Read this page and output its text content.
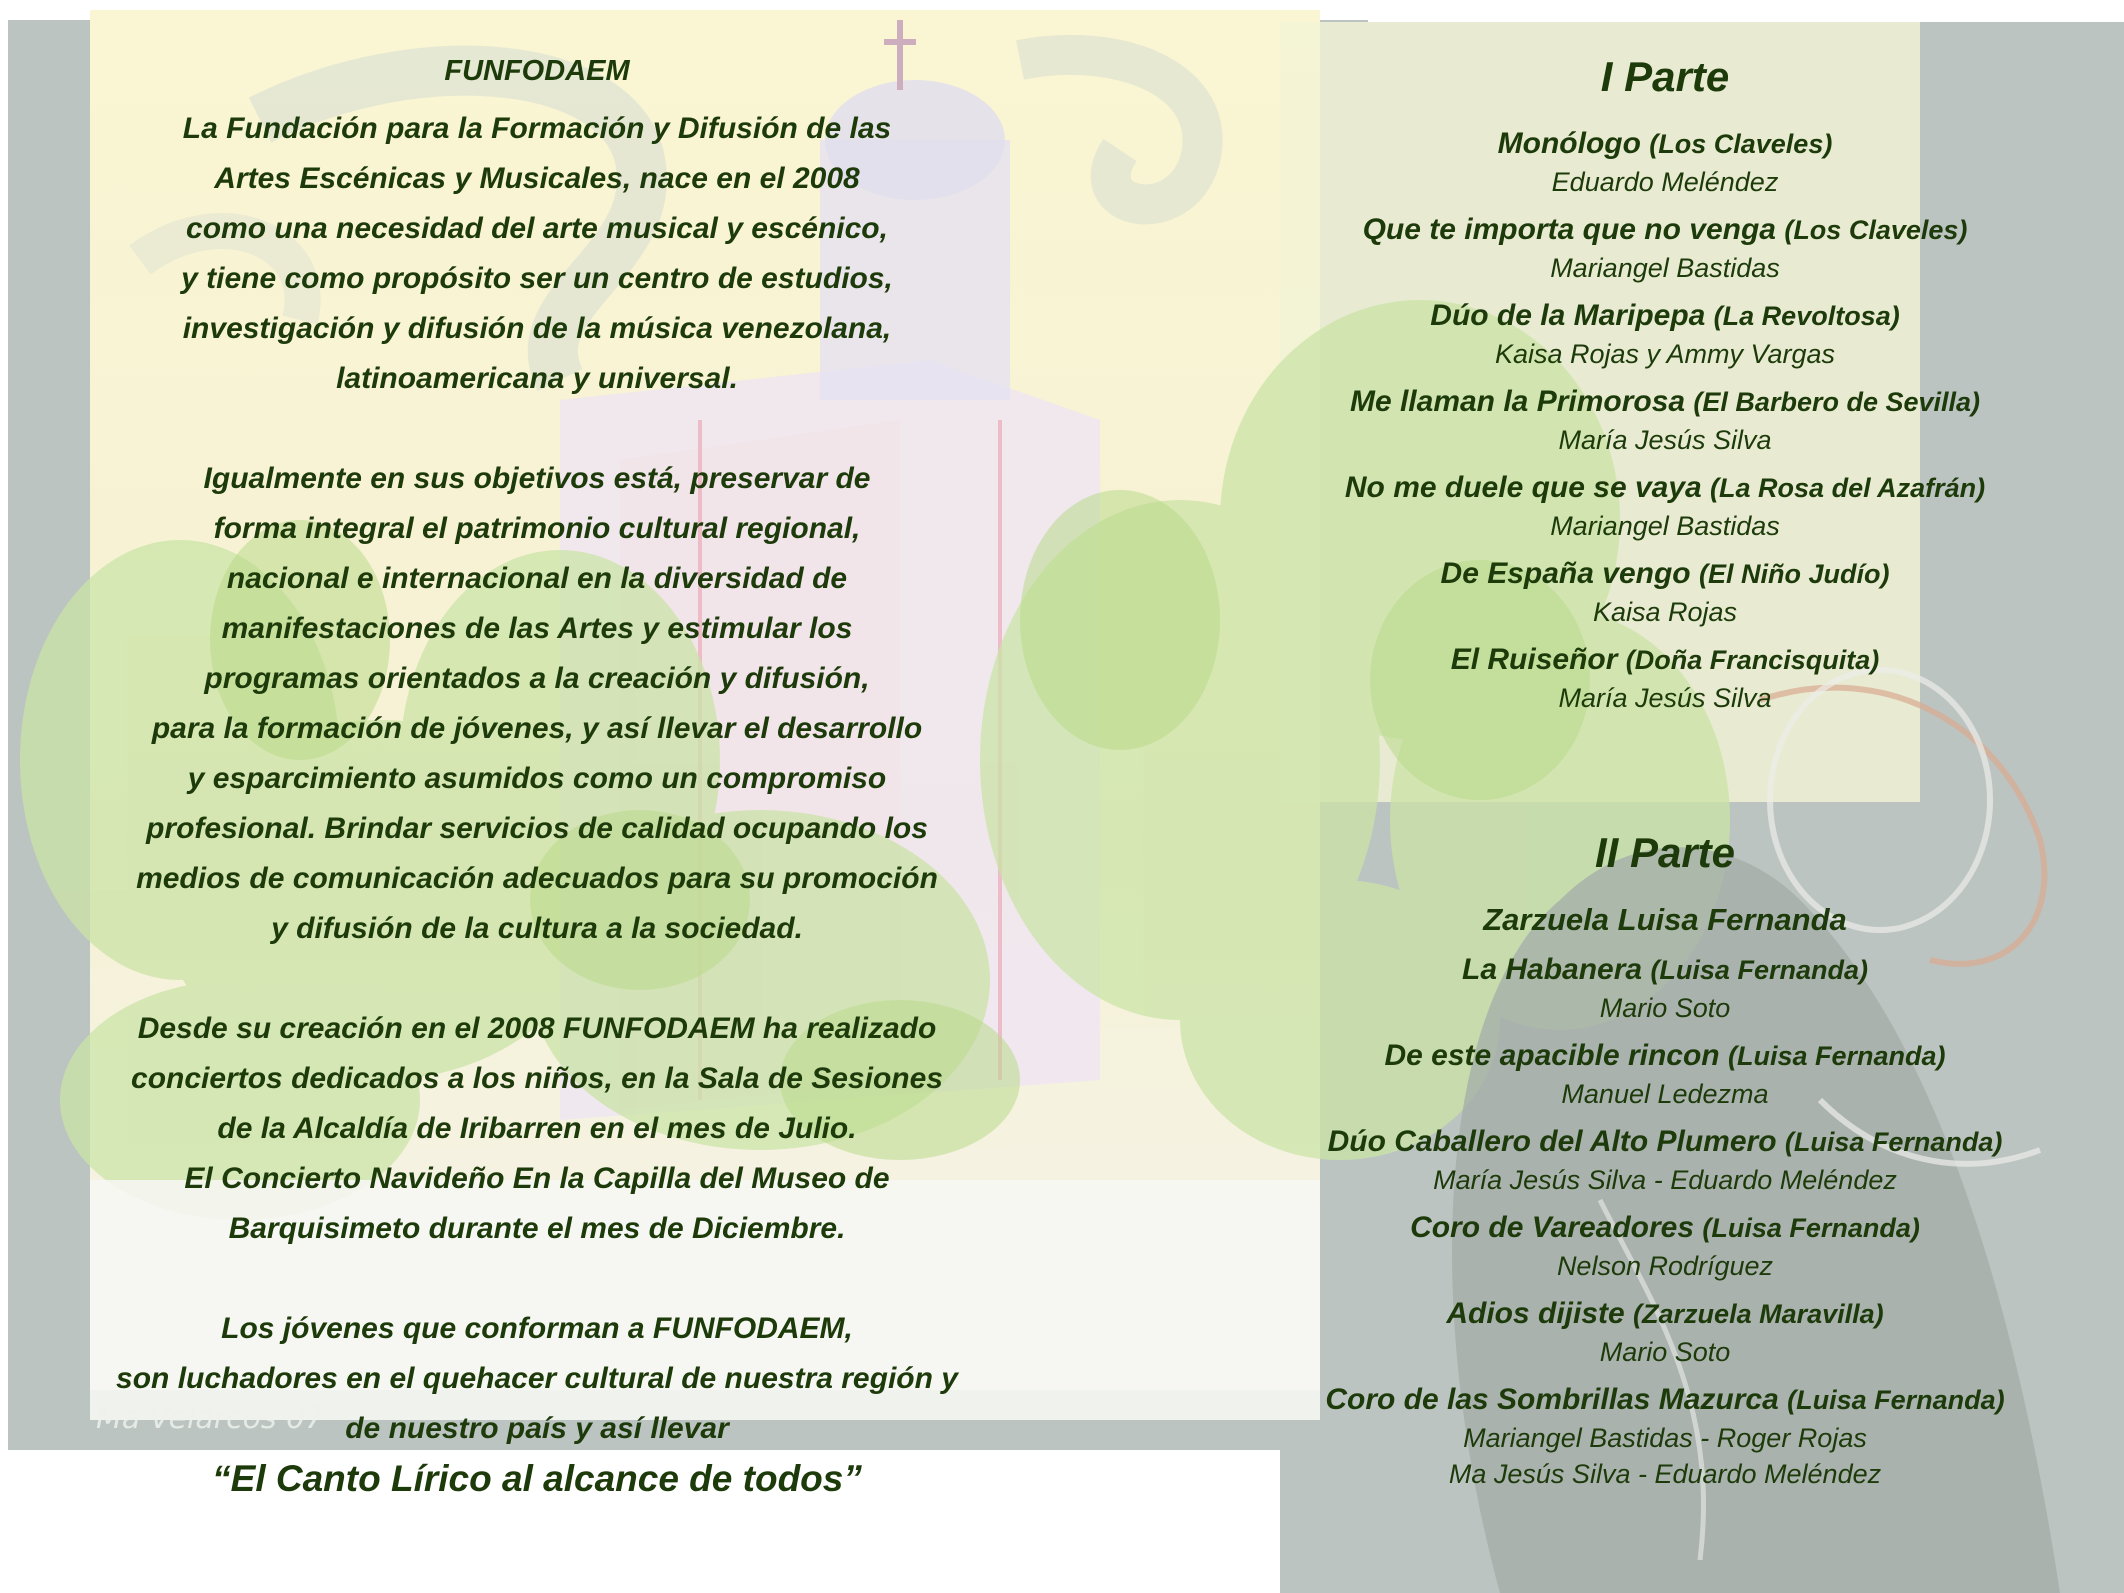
Ma Velarcos 07

FUNFODAEM

La Fundación para la Formación y Difusión de las

Artes Escénicas y Musicales, nace en el 2008

como una necesidad del arte musical y escénico,

y tiene como propósito ser un centro de estudios,

investigación y difusión de la música venezolana,

latinoamericana y universal.

Igualmente en sus objetivos está, preservar de

forma integral el patrimonio cultural regional,

nacional e internacional en la diversidad de

manifestaciones de las Artes y estimular los

programas orientados a la creación y difusión,

para la formación de jóvenes, y así llevar el desarrollo

y esparcimiento asumidos como un compromiso

profesional. Brindar servicios de calidad ocupando los

medios de comunicación adecuados para su promoción

y difusión de la cultura a la sociedad.

Desde su creación en el 2008 FUNFODAEM ha realizado

conciertos dedicados a los niños, en la Sala de Sesiones

de la Alcaldía de Iribarren en el mes de Julio.

El Concierto Navideño En la Capilla del Museo de

Barquisimeto durante el mes de Diciembre.

Los jóvenes que conforman a FUNFODAEM,

son luchadores en el quehacer cultural de nuestra región y

de nuestro país y así llevar

“El Canto Lírico al alcance de todos”

I Parte

Monólogo (Los Claveles)
Eduardo Meléndez
Que te importa que no venga (Los Claveles)
Mariangel Bastidas
Dúo de la Maripepa (La Revoltosa)
Kaisa Rojas y Ammy Vargas
Me llaman la Primorosa (El Barbero de Sevilla)
María Jesús Silva
No me duele que se vaya (La Rosa del Azafrán)
Mariangel Bastidas
De España vengo (El Niño Judío)
Kaisa Rojas
El Ruiseñor (Doña Francisquita)
María Jesús Silva

II Parte

Zarzuela Luisa Fernanda
La Habanera (Luisa Fernanda)
Mario Soto
De este apacible rincon (Luisa Fernanda)
Manuel Ledezma
Dúo Caballero del Alto Plumero (Luisa Fernanda)
María Jesús Silva - Eduardo Meléndez
Coro de Vareadores (Luisa Fernanda)
Nelson Rodríguez
Adios dijiste (Zarzuela Maravilla)
Mario Soto
Coro de las Sombrillas Mazurca (Luisa Fernanda)
Mariangel Bastidas - Roger Rojas
Ma Jesús Silva - Eduardo Meléndez
